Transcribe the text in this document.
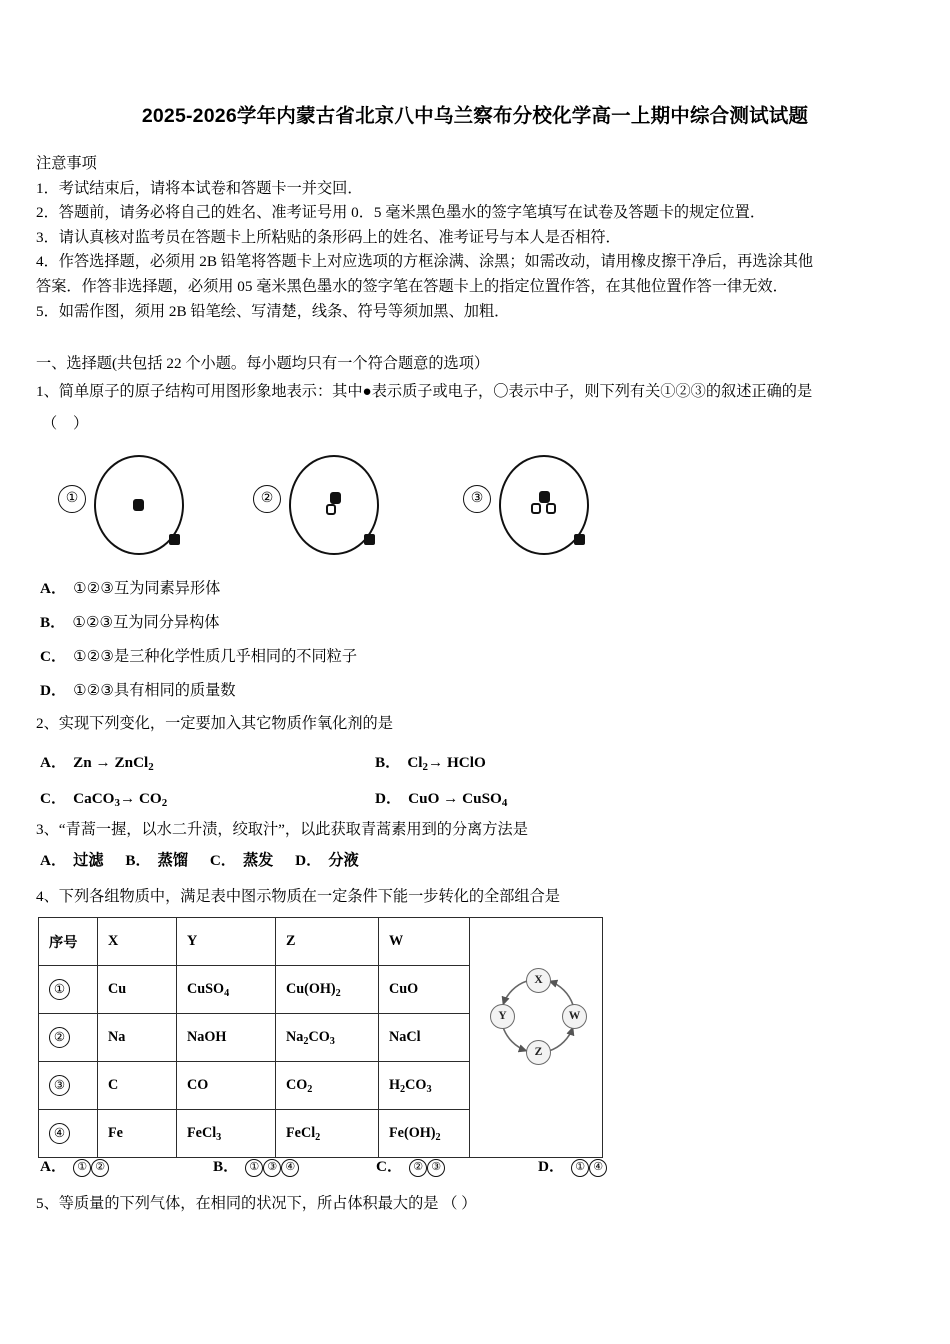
2025-2026学年内蒙古省北京八中乌兰察布分校化学高一上期中综合测试试题

注意事项

1．考试结束后，请将本试卷和答题卡一并交回．

2．答题前，请务必将自己的姓名、准考证号用 0．5 毫米黑色墨水的签字笔填写在试卷及答题卡的规定位置．

3．请认真核对监考员在答题卡上所粘贴的条形码上的姓名、准考证号与本人是否相符．

4．作答选择题，必须用 2B 铅笔将答题卡上对应选项的方框涂满、涂黑；如需改动，请用橡皮擦干净后，再选涂其他

答案．作答非选择题，必须用 05 毫米黑色墨水的签字笔在答题卡上的指定位置作答，在其他位置作答一律无效．

5．如需作图，须用 2B 铅笔绘、写清楚，线条、符号等须加黑、加粗．

一、选择题(共包括 22 个小题。每小题均只有一个符合题意的选项）
1、简单原子的原子结构可用图形象地表示：其中●表示质子或电子，〇表示中子，则下列有关①②③的叙述正确的是
（ ）
①	②	③
A． ①②③互为同素异形体
B． ①②③互为同分异构体
C． ①②③是三种化学性质几乎相同的不同粒子
D． ①②③具有相同的质量数
2、实现下列变化，一定要加入其它物质作氧化剂的是
A． Zn → ZnCl$_2$	B． $Cl_2\to$ HClO
C． CaCO$_3$→ $CO_2$	D． CuO → CuSO$_4$
3、“青蒿一握，以水二升渍，绞取汁”，以此获取青蒿素用到的分离方法是
A． 过滤 B． 蒸馏 C． 蒸发 D． 分液
4、下列各组物质中，满足表中图示物质在一定条件下能一步转化的全部组合是
序号	X	Y	Z	W	X
Y
Z
W

①	Cu	CuSO$_4$	$Cu(OH)_2$	CuO	
②	Na	NaOH	$Na_2CO_3$	NaCl	
③	C	CO	$CO_2$	$H_2CO_3$
④	Fe	FeCl$_3$	FeCl$_2$	$Fe(OH)_2$
A． ① ②	B． ① ③ ④	C． ② ③	D． ① ④
5、等质量的下列气体，在相同的状况下，所占体积最大的是 （ ）
